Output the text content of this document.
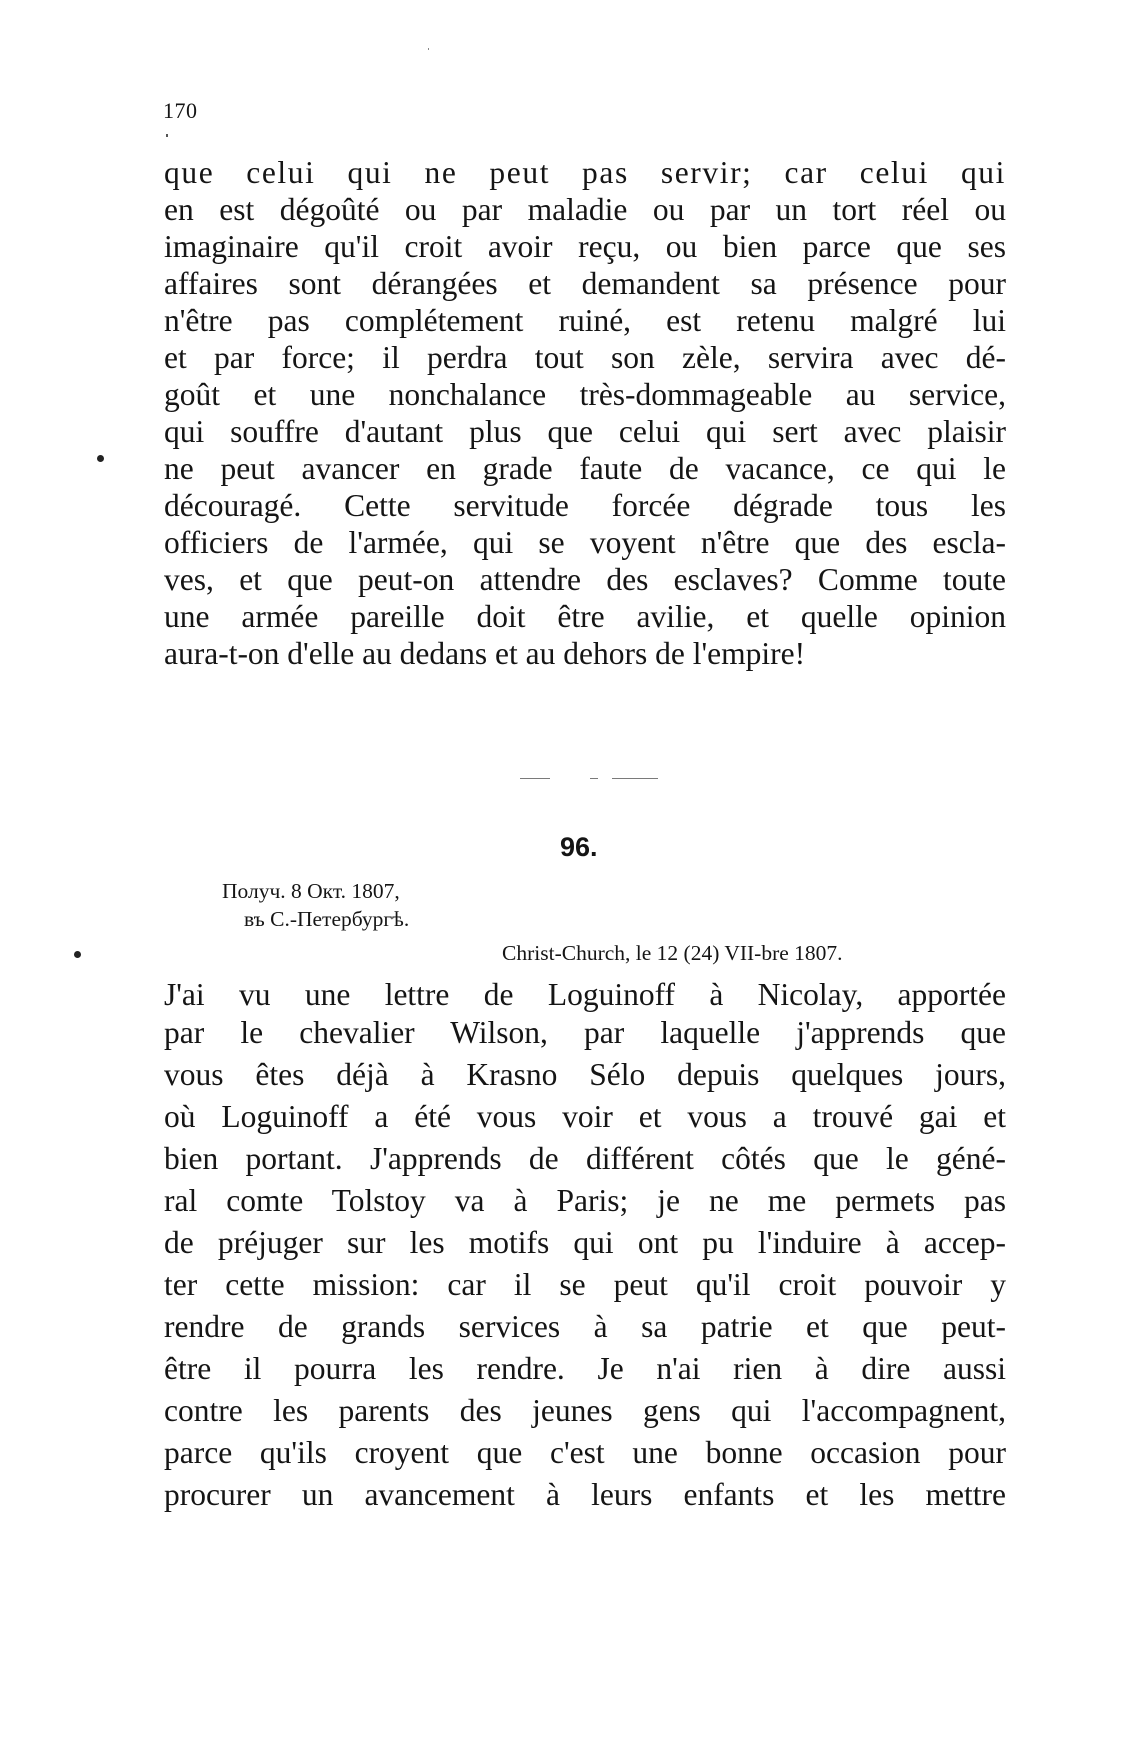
170
que celui qui ne peut pas servir; car celui qui
en est dégoûté ou par maladie ou par un tort réel ou
imaginaire qu'il croit avoir reçu, ou bien parce que ses
affaires sont dérangées et demandent sa présence pour
n'être pas complétement ruiné, est retenu malgré lui
et par force; il perdra tout son zèle, servira avec dé-
goût et une nonchalance très-dommageable au service,
qui souffre d'autant plus que celui qui sert avec plaisir
ne peut avancer en grade faute de vacance, ce qui le
découragé. Cette servitude forcée dégrade tous les
officiers de l'armée, qui se voyent n'être que des escla-
ves, et que peut-on attendre des esclaves? Comme toute
une armée pareille doit être avilie, et quelle opinion
aura-t-on d'elle au dedans et au dehors de l'empire!
96.
Получ. 8 Окт. 1807,
въ С.-Петербургѣ.
Christ-Church, le 12 (24) VII-bre 1807.
J'ai vu une lettre de Loguinoff à Nicolay, apportée
par le chevalier Wilson, par laquelle j'apprends que
vous êtes déjà à Krasno Sélo depuis quelques jours,
où Loguinoff a été vous voir et vous a trouvé gai et
bien portant. J'apprends de différent côtés que le géné-
ral comte Tolstoy va à Paris; je ne me permets pas
de préjuger sur les motifs qui ont pu l'induire à accep-
ter cette mission: car il se peut qu'il croit pouvoir y
rendre de grands services à sa patrie et que peut-
être il pourra les rendre. Je n'ai rien à dire aussi
contre les parents des jeunes gens qui l'accompagnent,
parce qu'ils croyent que c'est une bonne occasion pour
procurer un avancement à leurs enfants et les mettre
